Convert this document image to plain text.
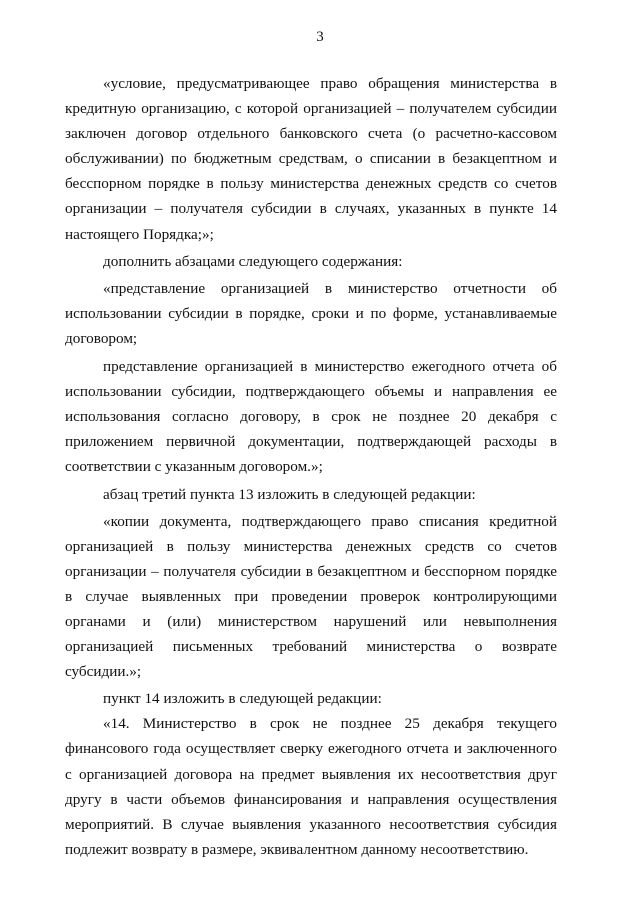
3

«условие, предусматривающее право обращения министерства в кредитную организацию, с которой организацией – получателем субсидии заключен договор отдельного банковского счета (о расчетно-кассовом обслуживании) по бюджетным средствам, о списании в безакцептном и бесспорном порядке в пользу министерства денежных средств со счетов организации – получателя субсидии в случаях, указанных в пункте 14 настоящего Порядка;»;

дополнить абзацами следующего содержания:

«представление организацией в министерство отчетности об использовании субсидии в порядке, сроки и по форме, устанавливаемые договором;

представление организацией в министерство ежегодного отчета об использовании субсидии, подтверждающего объемы и направления ее использования согласно договору, в срок не позднее 20 декабря с приложением первичной документации, подтверждающей расходы в соответствии с указанным договором.»;

абзац третий пункта 13 изложить в следующей редакции:

«копии документа, подтверждающего право списания кредитной организацией в пользу министерства денежных средств со счетов организации – получателя субсидии в безакцептном и бесспорном порядке в случае выявленных при проведении проверок контролирующими органами и (или) министерством нарушений или невыполнения организацией письменных требований министерства о возврате субсидии.»;

пункт 14 изложить в следующей редакции:

«14. Министерство в срок не позднее 25 декабря текущего финансового года осуществляет сверку ежегодного отчета и заключенного с организацией договора на предмет выявления их несоответствия друг другу в части объемов финансирования и направления осуществления мероприятий. В случае выявления указанного несоответствия субсидия подлежит возврату в размере, эквивалентном данному несоответствию.
